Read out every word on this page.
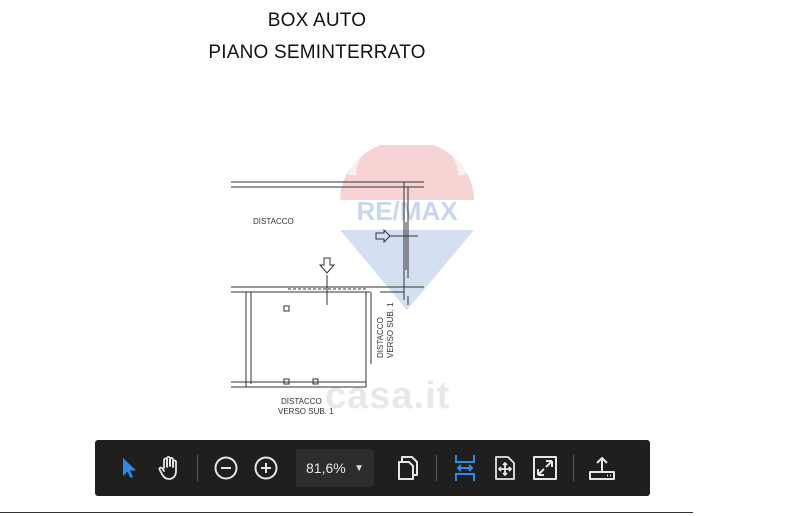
BOX AUTO
PIANO SEMINTERRATO
RE/MAX
DISTACCO
DISTACCO VERSO SUB. 1
DISTACCO
VERSO SUB. 1
casa.it
81,6% ▼
